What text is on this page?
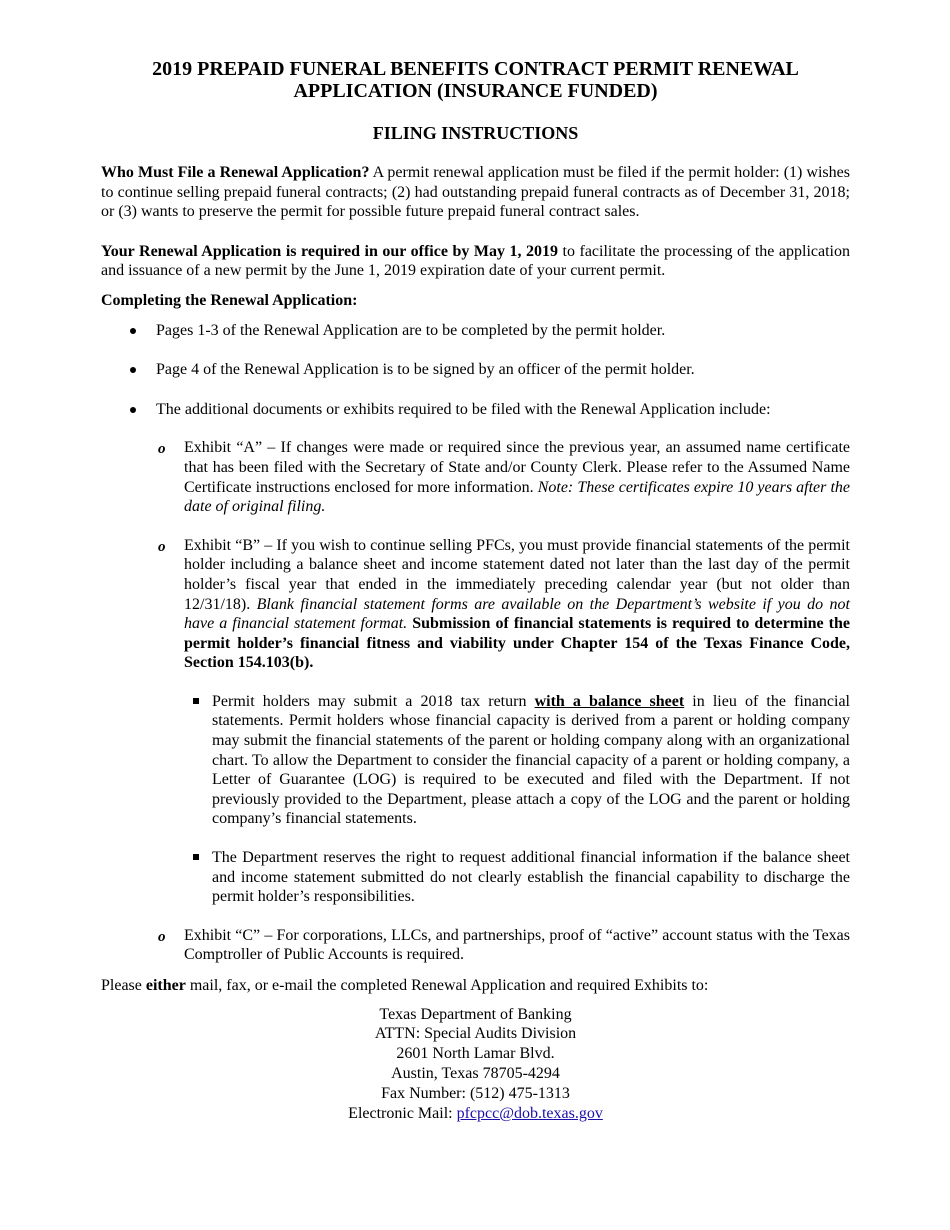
2019 PREPAID FUNERAL BENEFITS CONTRACT PERMIT RENEWAL
APPLICATION (INSURANCE FUNDED)
FILING INSTRUCTIONS

Who Must File a Renewal Application? A permit renewal application must be filed if the permit holder: (1) wishes to continue selling prepaid funeral contracts; (2) had outstanding prepaid funeral contracts as of December 31, 2018; or (3) wants to preserve the permit for possible future prepaid funeral contract sales.

Your Renewal Application is required in our office by May 1, 2019 to facilitate the processing of the application and issuance of a new permit by the June 1, 2019 expiration date of your current permit.

Completing the Renewal Application:

Pages 1-3 of the Renewal Application are to be completed by the permit holder.
Page 4 of the Renewal Application is to be signed by an officer of the permit holder.
The additional documents or exhibits required to be filed with the Renewal Application include:
o Exhibit “A” – If changes were made or required since the previous year, an assumed name certificate that has been filed with the Secretary of State and/or County Clerk. Please refer to the Assumed Name Certificate instructions enclosed for more information. Note: These certificates expire 10 years after the date of original filing.
o Exhibit “B” – If you wish to continue selling PFCs, you must provide financial statements of the permit holder including a balance sheet and income statement dated not later than the last day of the permit holder’s fiscal year that ended in the immediately preceding calendar year (but not older than 12/31/18). Blank financial statement forms are available on the Department’s website if you do not have a financial statement format. Submission of financial statements is required to determine the permit holder’s financial fitness and viability under Chapter 154 of the Texas Finance Code, Section 154.103(b).
Permit holders may submit a 2018 tax return with a balance sheet in lieu of the financial statements. Permit holders whose financial capacity is derived from a parent or holding company may submit the financial statements of the parent or holding company along with an organizational chart. To allow the Department to consider the financial capacity of a parent or holding company, a Letter of Guarantee (LOG) is required to be executed and filed with the Department. If not previously provided to the Department, please attach a copy of the LOG and the parent or holding company’s financial statements.
The Department reserves the right to request additional financial information if the balance sheet and income statement submitted do not clearly establish the financial capability to discharge the permit holder’s responsibilities.
o Exhibit “C” – For corporations, LLCs, and partnerships, proof of “active” account status with the Texas Comptroller of Public Accounts is required.

Please either mail, fax, or e-mail the completed Renewal Application and required Exhibits to:

Texas Department of Banking
ATTN: Special Audits Division
2601 North Lamar Blvd.
Austin, Texas 78705-4294
Fax Number: (512) 475-1313
Electronic Mail: pfcpcc@dob.texas.gov
